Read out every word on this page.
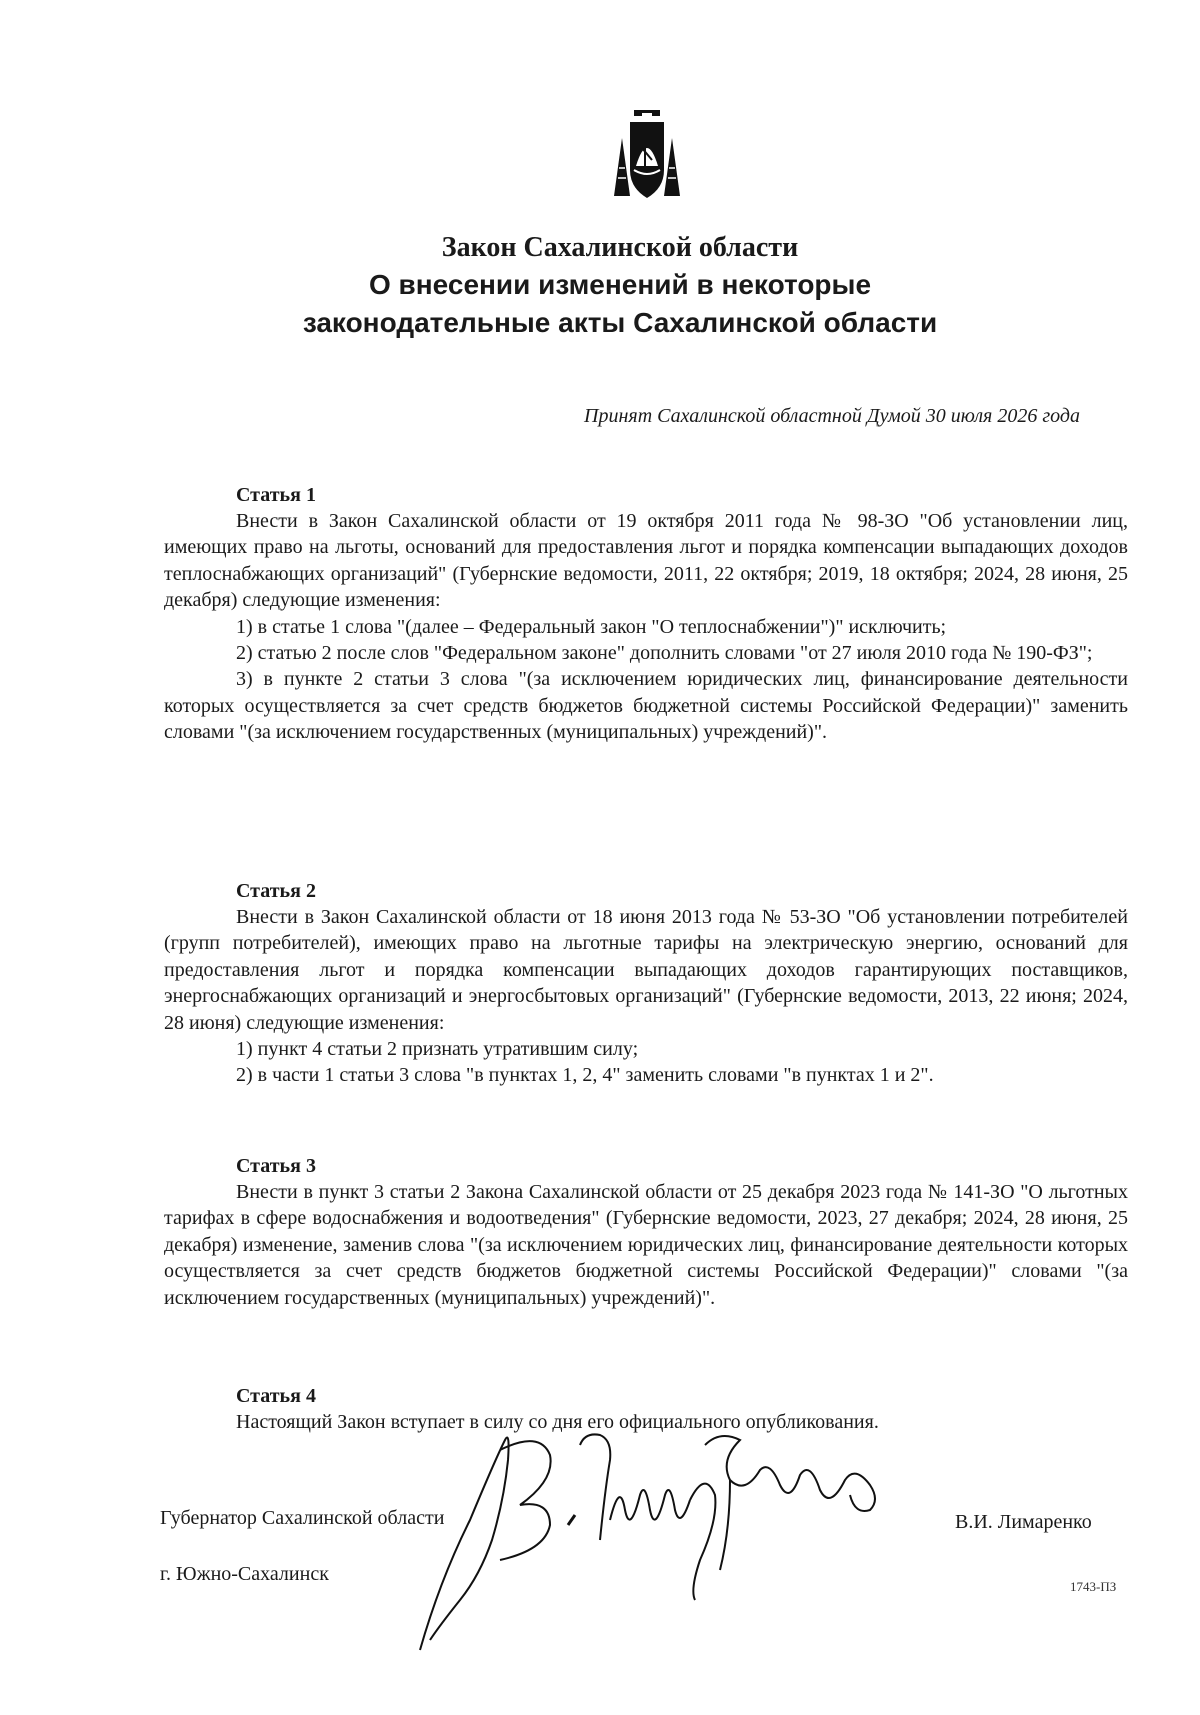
Закон Сахалинской области
О внесении изменений в некоторые
законодательные акты Сахалинской области
Принят Сахалинской областной Думой 30 июля 2026 года
Статья 1

Внести в Закон Сахалинской области от 19 октября 2011 года № 98-ЗО "Об установлении лиц, имеющих право на льготы, оснований для предоставления льгот и порядка компенсации выпадающих доходов теплоснабжающих организаций" (Губернские ведомости, 2011, 22 октября; 2019, 18 октября; 2024, 28 июня, 25 декабря) следующие изменения:

1) в статье 1 слова "(далее – Федеральный закон "О теплоснабжении")" исключить;

2) статью 2 после слов "Федеральном законе" дополнить словами "от 27 июля 2010 года № 190-ФЗ";

3) в пункте 2 статьи 3 слова "(за исключением юридических лиц, финансирование деятельности которых осуществляется за счет средств бюджетов бюджетной системы Российской Федерации)" заменить словами "(за исключением государственных (муниципальных) учреждений)".

Статья 2

Внести в Закон Сахалинской области от 18 июня 2013 года № 53-ЗО "Об установлении потребителей (групп потребителей), имеющих право на льготные тарифы на электрическую энергию, оснований для предоставления льгот и порядка компенсации выпадающих доходов гарантирующих поставщиков, энергоснабжающих организаций и энергосбытовых организаций" (Губернские ведомости, 2013, 22 июня; 2024, 28 июня) следующие изменения:

1) пункт 4 статьи 2 признать утратившим силу;

2) в части 1 статьи 3 слова "в пунктах 1, 2, 4" заменить словами "в пунктах 1 и 2".

Статья 3

Внести в пункт 3 статьи 2 Закона Сахалинской области от 25 декабря 2023 года № 141-ЗО "О льготных тарифах в сфере водоснабжения и водоотведения" (Губернские ведомости, 2023, 27 декабря; 2024, 28 июня, 25 декабря) изменение, заменив слова "(за исключением юридических лиц, финансирование деятельности которых осуществляется за счет средств бюджетов бюджетной системы Российской Федерации)" словами "(за исключением государственных (муниципальных) учреждений)".

Статья 4

Настоящий Закон вступает в силу со дня его официального опубликования.

Губернатор Сахалинской области	В.И. Лимаренко
г. Южно-Сахалинск
1743-ПЗ
